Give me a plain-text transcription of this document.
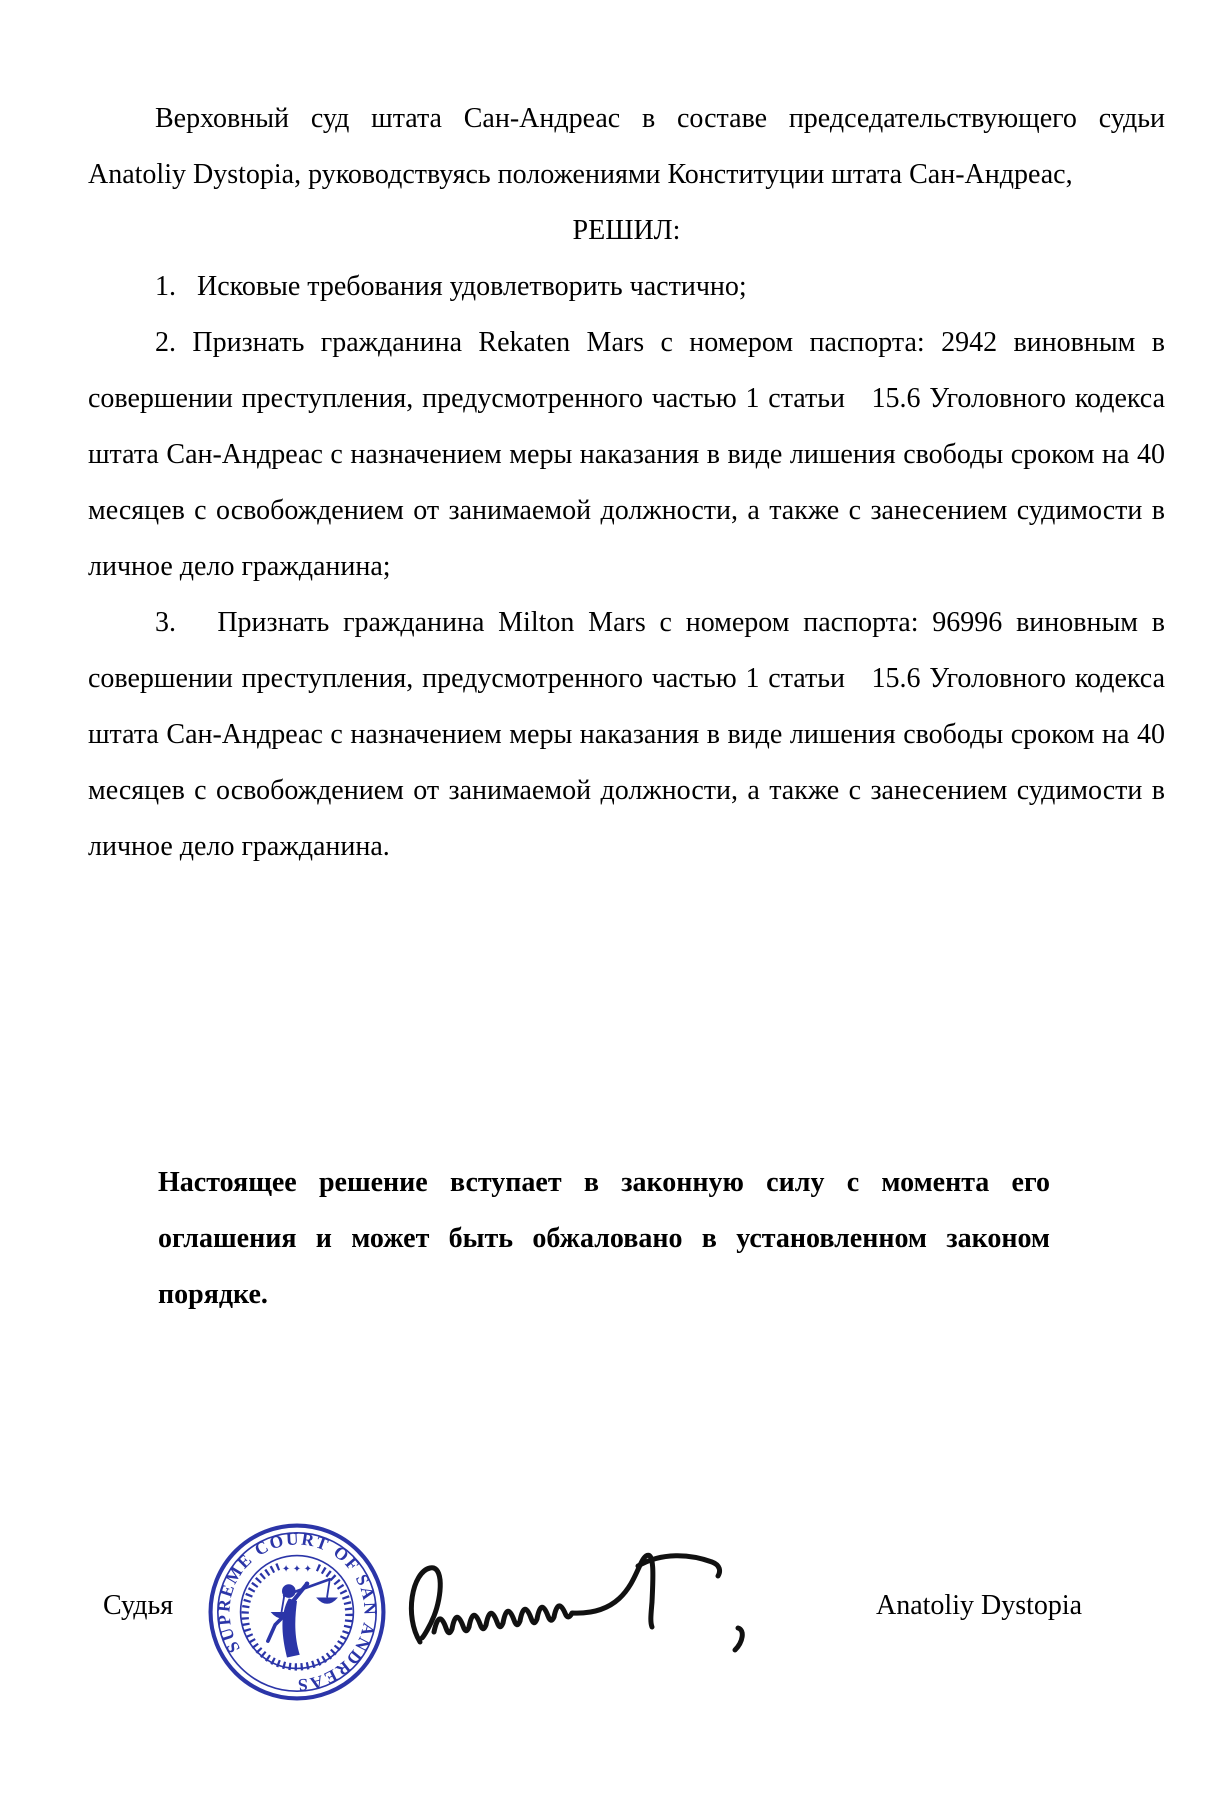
Верховный суд штата Сан-Андреас в составе председательствующего судьи Anatoliy Dystopia, руководствуясь положениями Конституции штата Сан-Андреас,

РЕШИЛ:

1.   Исковые требования удовлетворить частично;

2. Признать гражданина Rekaten Mars с номером паспорта: 2942 виновным в совершении преступления, предусмотренного частью 1 статьи   15.6 Уголовного кодекса штата Сан-Андреас с назначением меры наказания в виде лишения свободы сроком на 40 месяцев с освобождением от занимаемой должности, а также с занесением судимости в личное дело гражданина;

3.   Признать гражданина Milton Mars с номером паспорта: 96996 виновным в совершении преступления, предусмотренного частью 1 статьи   15.6 Уголовного кодекса штата Сан-Андреас с назначением меры наказания в виде лишения свободы сроком на 40 месяцев с освобождением от занимаемой должности, а также с занесением судимости в личное дело гражданина.

Настоящее решение вступает в законную силу с момента его оглашения и может быть обжаловано в установленном законом порядке.

Судья
SUPREME COURT OF SAN ANDREAS
✦ ✦ ✦
Anatoliy Dystopia
